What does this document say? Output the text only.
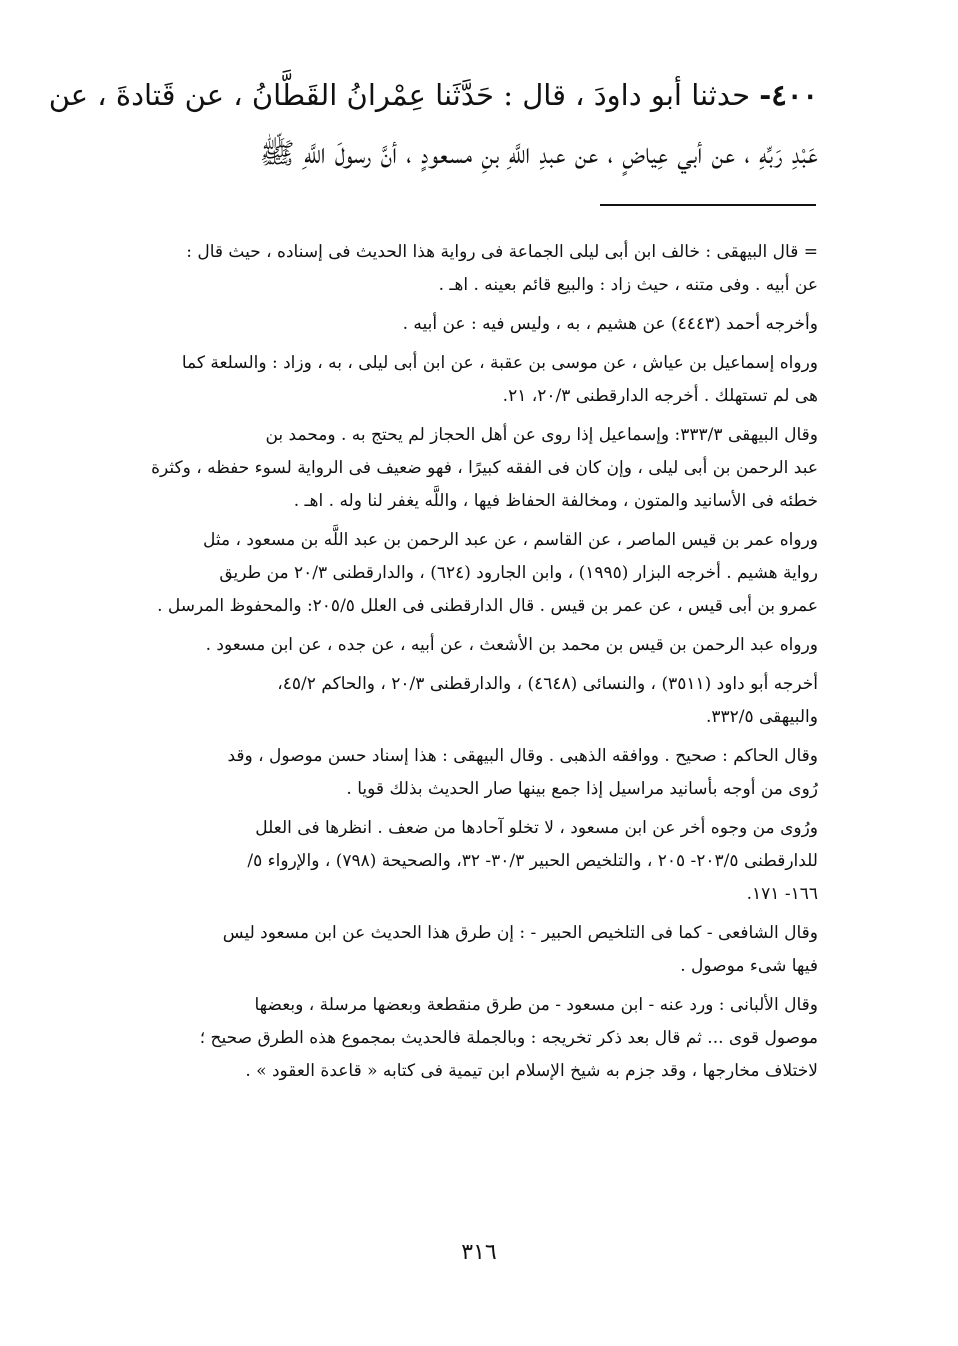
٤٠٠- حدثنا أبو داودَ ، قال : حَدَّثَنا عِمْرانُ القَطَّانُ ، عن قَتادةَ ، عن
عَبْدِ رَبِّهِ ، عن أبي عِياضٍ ، عن عبدِ اللَّهِ بنِ مسعودٍ ، أنَّ رسولَ اللَّهِ ﷺ

= قال البيهقى : خالف ابن أبى ليلى الجماعة فى رواية هذا الحديث فى إسناده ، حيث قال :
عن أبيه . وفى متنه ، حيث زاد : والبيع قائم بعينه . اهـ .

وأخرجه أحمد (٤٤٤٣) عن هشيم ، به ، وليس فيه : عن أبيه .

ورواه إسماعيل بن عياش ، عن موسى بن عقبة ، عن ابن أبى ليلى ، به ، وزاد : والسلعة كما
هى لم تستهلك . أخرجه الدارقطنى ٢٠/٣، ٢١.

وقال البيهقى ٣٣٣/٣: وإسماعيل إذا روى عن أهل الحجاز لم يحتج به . ومحمد بن
عبد الرحمن بن أبى ليلى ، وإن كان فى الفقه كبيرًا ، فهو ضعيف فى الرواية لسوء حفظه ، وكثرة
خطئه فى الأسانيد والمتون ، ومخالفة الحفاظ فيها ، واللَّه يغفر لنا وله . اهـ .

ورواه عمر بن قيس الماصر ، عن القاسم ، عن عبد الرحمن بن عبد اللَّه بن مسعود ، مثل
رواية هشيم . أخرجه البزار (١٩٩٥) ، وابن الجارود (٦٢٤) ، والدارقطنى ٢٠/٣ من طريق
عمرو بن أبى قيس ، عن عمر بن قيس . قال الدارقطنى فى العلل ٢٠٥/٥: والمحفوظ المرسل .

ورواه عبد الرحمن بن قيس بن محمد بن الأشعث ، عن أبيه ، عن جده ، عن ابن مسعود .

أخرجه أبو داود (٣٥١١) ، والنسائى (٤٦٤٨) ، والدارقطنى ٢٠/٣ ، والحاكم ٤٥/٢،
والبيهقى ٣٣٢/٥.

وقال الحاكم : صحيح . ووافقه الذهبى . وقال البيهقى : هذا إسناد حسن موصول ، وقد
رُوى من أوجه بأسانيد مراسيل إذا جمع بينها صار الحديث بذلك قويا .

ورُوى من وجوه أخر عن ابن مسعود ، لا تخلو آحادها من ضعف . انظرها فى العلل
للدارقطنى ٢٠٣/٥- ٢٠٥ ، والتلخيص الحبير ٣٠/٣- ٣٢، والصحيحة (٧٩٨) ، والإرواء ٥/
١٦٦- ١٧١.

وقال الشافعى - كما فى التلخيص الحبير - : إن طرق هذا الحديث عن ابن مسعود ليس
فيها شىء موصول .

وقال الألبانى : ورد عنه - ابن مسعود - من طرق منقطعة وبعضها مرسلة ، وبعضها
موصول قوى ... ثم قال بعد ذكر تخريجه : وبالجملة فالحديث بمجموع هذه الطرق صحيح ؛
لاختلاف مخارجها ، وقد جزم به شيخ الإسلام ابن تيمية فى كتابه « قاعدة العقود » .

٣١٦
